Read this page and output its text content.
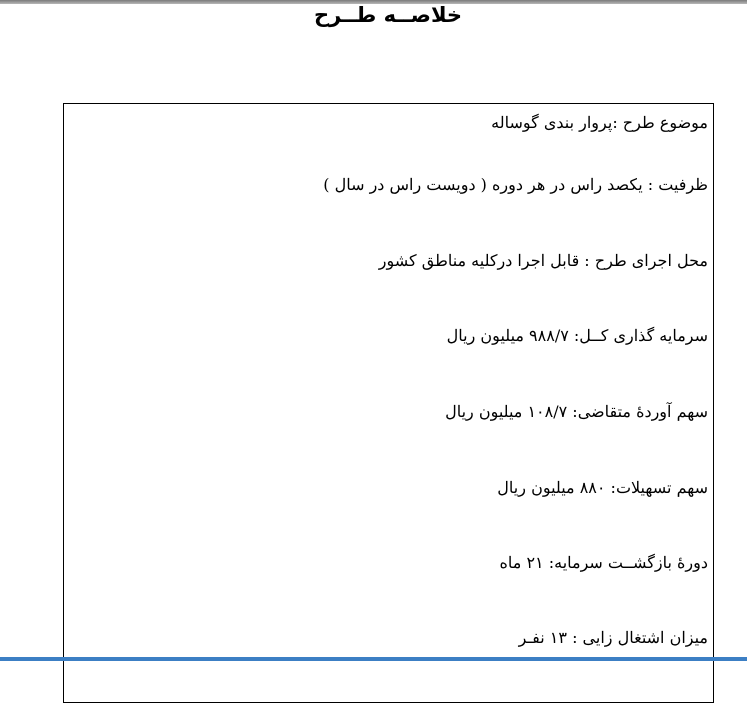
خلاصــه طــرح
موضوع طرح :پروار بندی گوساله
ظرفیت : یکصد راس در هر دوره ( دویست راس در سال )
محل اجرای طرح : قابل اجرا درکلیه مناطق کشور
سرمایه گذاری کــل: ۹۸۸/۷ میلیون ریال
سهم آوردهٔ متقاضی: ۱۰۸/۷ میلیون ریال
سهم تسهیلات: ۸۸۰ میلیون ریال
دورهٔ بازگشــت سرمایه: ۲۱ ماه
میزان اشتغال زایی : ۱۳ نفـر
